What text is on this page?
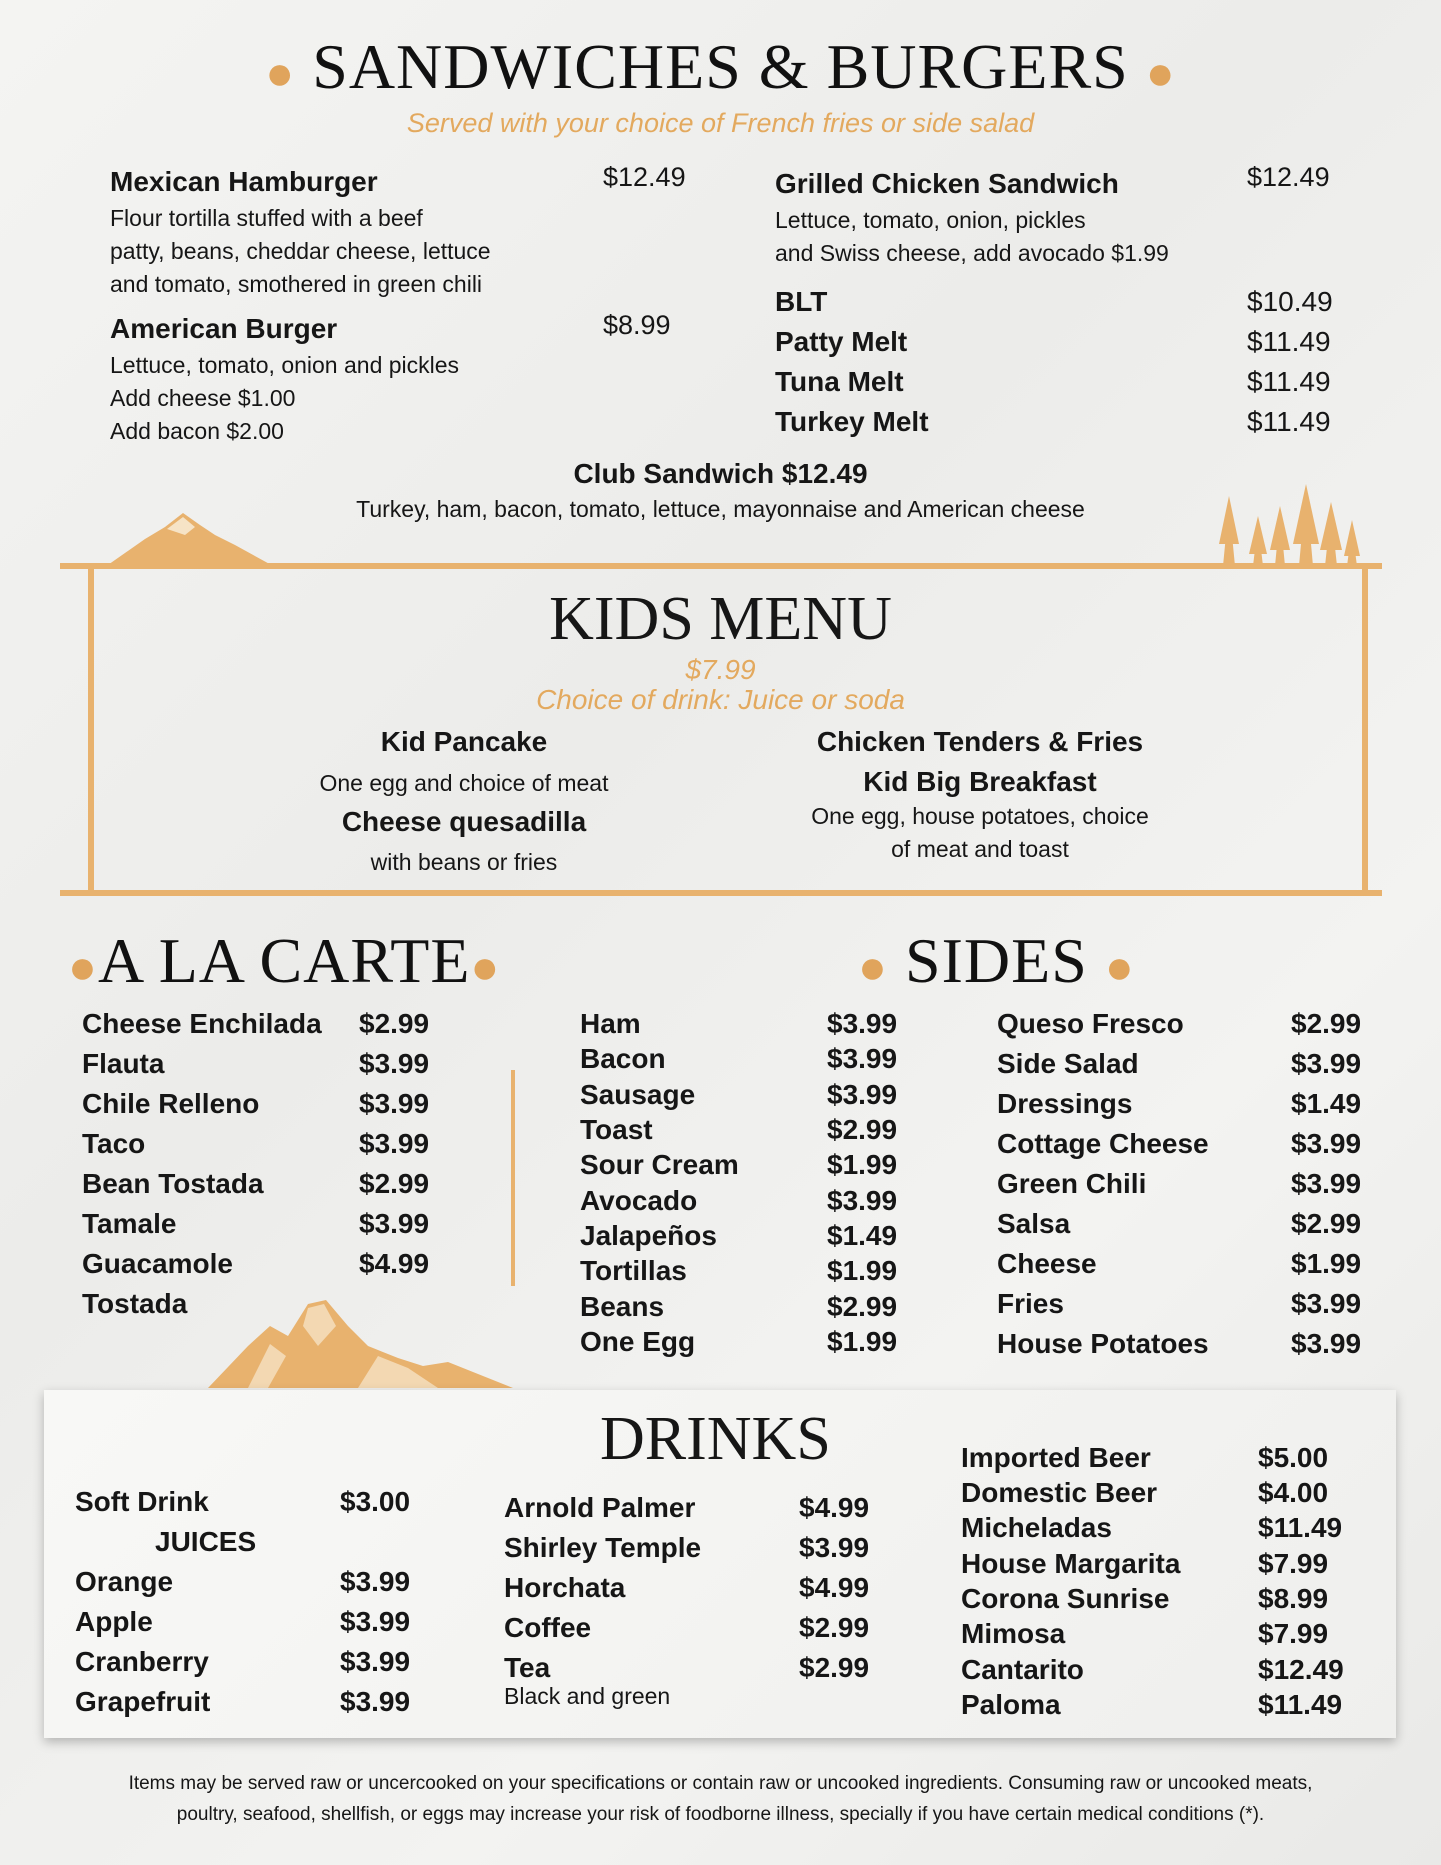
● SANDWICHES & BURGERS ●
Served with your choice of French fries or side salad
Mexican Hamburger	$12.49
Flour tortilla stuffed with a beef
patty, beans, cheddar cheese, lettuce
and tomato, smothered in green chili
American Burger	$8.99
Lettuce, tomato, onion and pickles
Add cheese $1.00
Add bacon $2.00
Grilled Chicken Sandwich	$12.49
Lettuce, tomato, onion, pickles
and Swiss cheese, add avocado $1.99
BLT	$10.49
Patty Melt	$11.49
Tuna Melt	$11.49
Turkey Melt	$11.49
Club Sandwich $12.49
Turkey, ham, bacon, tomato, lettuce, mayonnaise and American cheese
KIDS MENU
$7.99
Choice of drink: Juice or soda
Kid Pancake
One egg and choice of meat
Cheese quesadilla
with beans or fries
Chicken Tenders & Fries
Kid Big Breakfast
One egg, house potatoes, choice
of meat and toast
●A LA CARTE●
Cheese Enchilada $2.99
Flauta	$3.99
Chile Relleno	$3.99
Taco	$3.99
Bean Tostada	$2.99
Tamale	$3.99
Guacamole	$4.99
Tostada
● SIDES ●
Ham	$3.99
Bacon	$3.99
Sausage	$3.99
Toast	$2.99
Sour Cream	$1.99
Avocado	$3.99
Jalapeños	$1.49
Tortillas	$1.99
Beans	$2.99
One Egg	$1.99
Queso Fresco	$2.99
Side Salad	$3.99
Dressings	$1.49
Cottage Cheese	$3.99
Green Chili	$3.99
Salsa	$2.99
Cheese	$1.99
Fries	$3.99
House Potatoes	$3.99
DRINKS
Soft Drink	$3.00
JUICES
Orange	$3.99
Apple	$3.99
Cranberry	$3.99
Grapefruit	$3.99
Arnold Palmer	$4.99
Shirley Temple	$3.99
Horchata	$4.99
Coffee	$2.99
Tea	$2.99
Black and green
Imported Beer	$5.00
Domestic Beer	$4.00
Micheladas	$11.49
House Margarita	$7.99
Corona Sunrise	$8.99
Mimosa	$7.99
Cantarito	$12.49
Paloma	$11.49
Items may be served raw or uncercooked on your specifications or contain raw or uncooked ingredients. Consuming raw or uncooked meats,
poultry, seafood, shellfish, or eggs may increase your risk of foodborne illness, specially if you have certain medical conditions (*).
